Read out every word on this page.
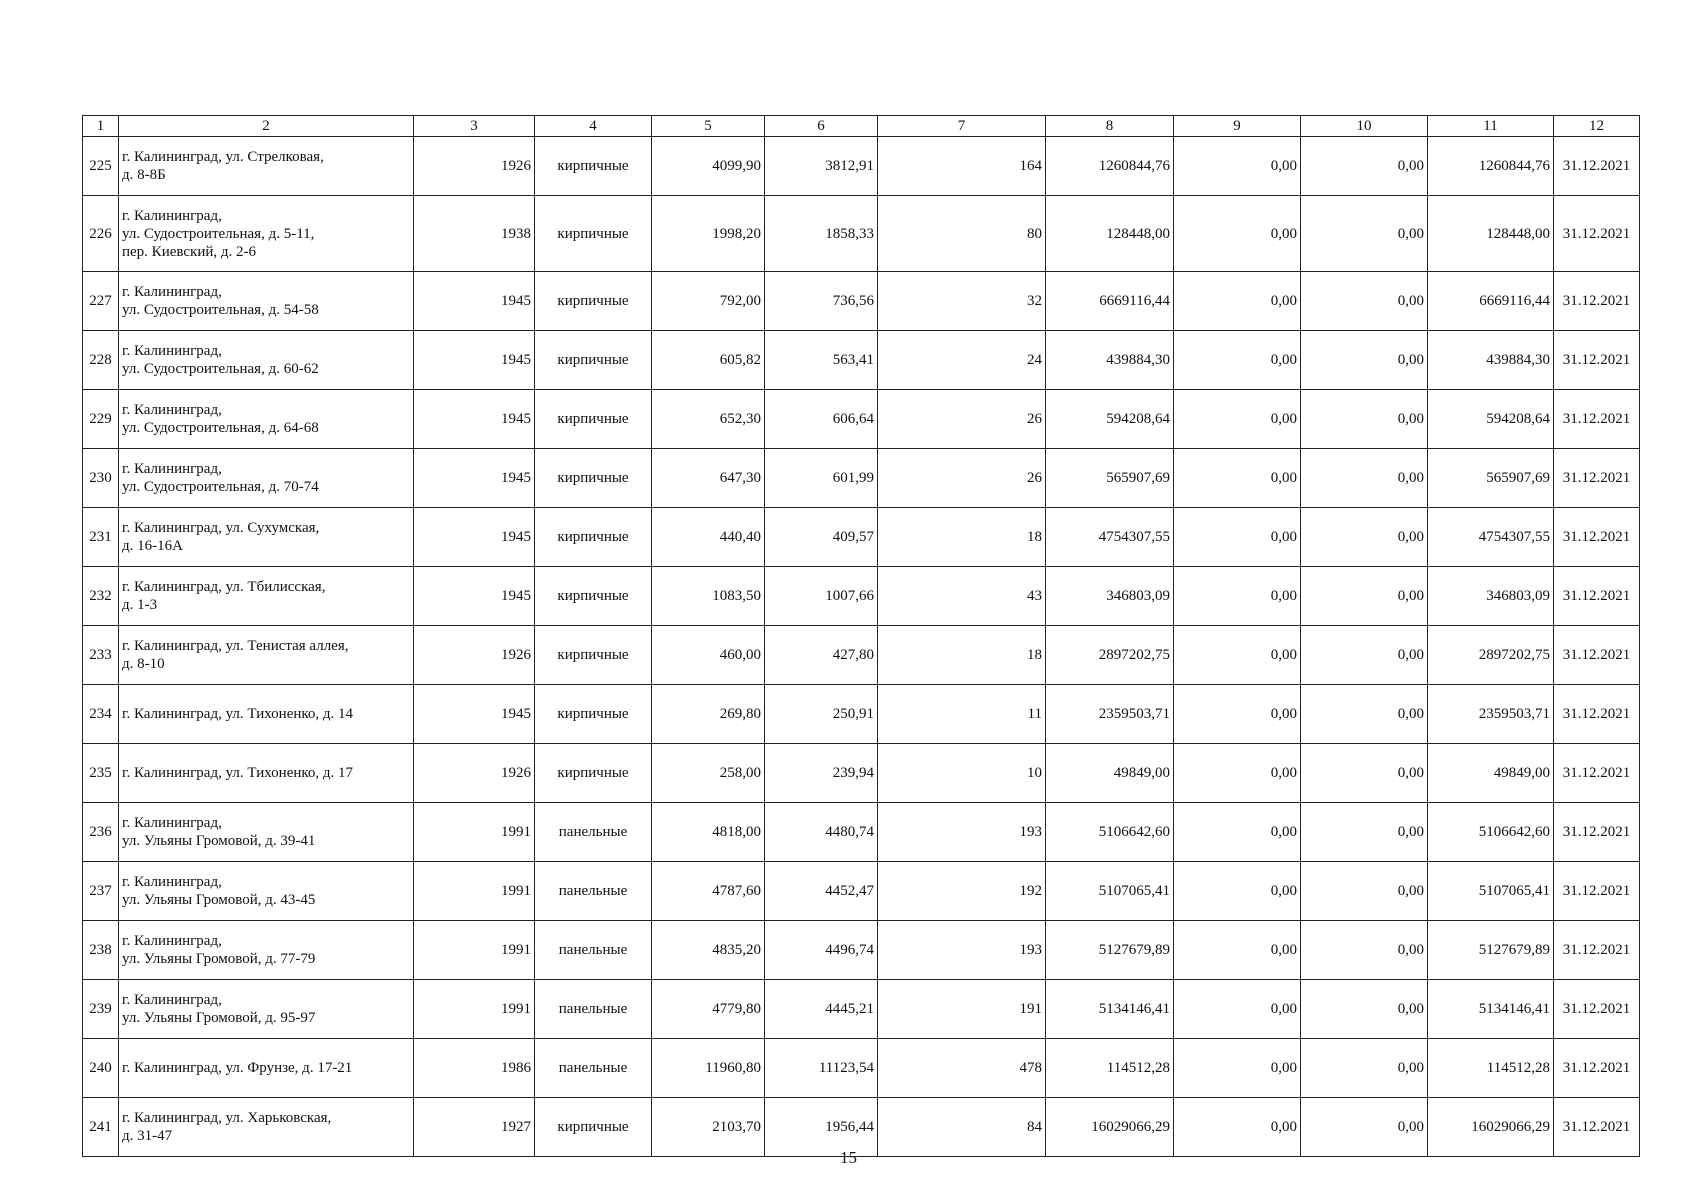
1	2	3	4	5	6	7	8	9	10	11	12
225	г. Калининград, ул. Стрелковая,
д. 8-8Б	1926	кирпичные	4099,90	3812,91	164	1260844,76	0,00	0,00	1260844,76	31.12.2021
226	г. Калининград,
ул. Судостроительная, д. 5-11,
пер. Киевский, д. 2-6	1938	кирпичные	1998,20	1858,33	80	128448,00	0,00	0,00	128448,00	31.12.2021
227	г. Калининград,
ул. Судостроительная, д. 54-58	1945	кирпичные	792,00	736,56	32	6669116,44	0,00	0,00	6669116,44	31.12.2021
228	г. Калининград,
ул. Судостроительная, д. 60-62	1945	кирпичные	605,82	563,41	24	439884,30	0,00	0,00	439884,30	31.12.2021
229	г. Калининград,
ул. Судостроительная, д. 64-68	1945	кирпичные	652,30	606,64	26	594208,64	0,00	0,00	594208,64	31.12.2021
230	г. Калининград,
ул. Судостроительная, д. 70-74	1945	кирпичные	647,30	601,99	26	565907,69	0,00	0,00	565907,69	31.12.2021
231	г. Калининград, ул. Сухумская,
д. 16-16А	1945	кирпичные	440,40	409,57	18	4754307,55	0,00	0,00	4754307,55	31.12.2021
232	г. Калининград, ул. Тбилисская,
д. 1-3	1945	кирпичные	1083,50	1007,66	43	346803,09	0,00	0,00	346803,09	31.12.2021
233	г. Калининград, ул. Тенистая аллея,
д. 8-10	1926	кирпичные	460,00	427,80	18	2897202,75	0,00	0,00	2897202,75	31.12.2021
234	г. Калининград, ул. Тихоненко, д. 14	1945	кирпичные	269,80	250,91	11	2359503,71	0,00	0,00	2359503,71	31.12.2021
235	г. Калининград, ул. Тихоненко, д. 17	1926	кирпичные	258,00	239,94	10	49849,00	0,00	0,00	49849,00	31.12.2021
236	г. Калининград,
ул. Ульяны Громовой, д. 39-41	1991	панельные	4818,00	4480,74	193	5106642,60	0,00	0,00	5106642,60	31.12.2021
237	г. Калининград,
ул. Ульяны Громовой, д. 43-45	1991	панельные	4787,60	4452,47	192	5107065,41	0,00	0,00	5107065,41	31.12.2021
238	г. Калининград,
ул. Ульяны Громовой, д. 77-79	1991	панельные	4835,20	4496,74	193	5127679,89	0,00	0,00	5127679,89	31.12.2021
239	г. Калининград,
ул. Ульяны Громовой, д. 95-97	1991	панельные	4779,80	4445,21	191	5134146,41	0,00	0,00	5134146,41	31.12.2021
240	г. Калининград, ул. Фрунзе, д. 17-21	1986	панельные	11960,80	11123,54	478	114512,28	0,00	0,00	114512,28	31.12.2021
241	г. Калининград, ул. Харьковская,
д. 31-47	1927	кирпичные	2103,70	1956,44	84	16029066,29	0,00	0,00	16029066,29	31.12.2021
15
